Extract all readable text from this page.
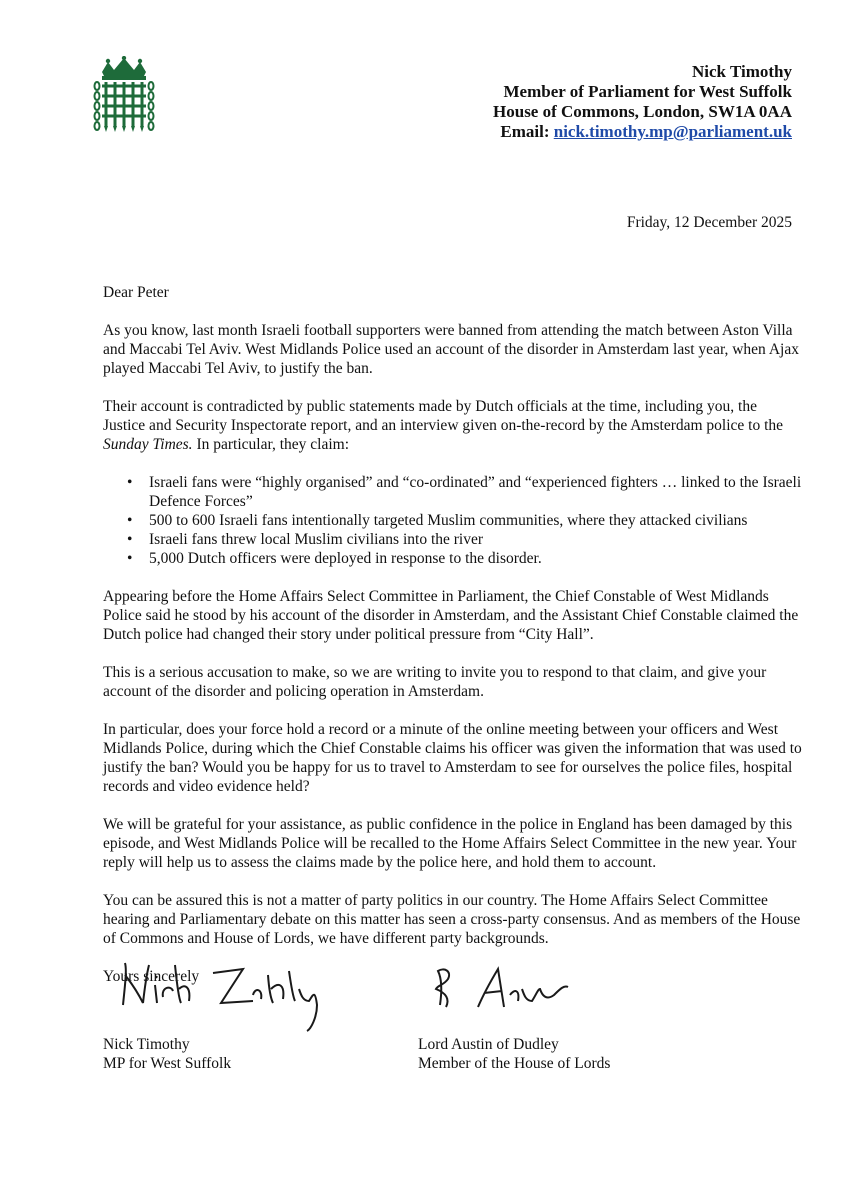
Nick Timothy
Member of Parliament for West Suffolk
House of Commons, London, SW1A 0AA
Email: nick.timothy.mp@parliament.uk
Friday, 12 December 2025

Dear Peter

As you know, last month Israeli football supporters were banned from attending the match between Aston Villa and Maccabi Tel Aviv. West Midlands Police used an account of the disorder in Amsterdam last year, when Ajax played Maccabi Tel Aviv, to justify the ban.

Their account is contradicted by public statements made by Dutch officials at the time, including you, the Justice and Security Inspectorate report, and an interview given on-the-record by the Amsterdam police to the Sunday Times. In particular, they claim:

• Israeli fans were “highly organised” and “co-ordinated” and “experienced fighters … linked to the Israeli Defence Forces”
• 500 to 600 Israeli fans intentionally targeted Muslim communities, where they attacked civilians
• Israeli fans threw local Muslim civilians into the river
• 5,000 Dutch officers were deployed in response to the disorder.

Appearing before the Home Affairs Select Committee in Parliament, the Chief Constable of West Midlands Police said he stood by his account of the disorder in Amsterdam, and the Assistant Chief Constable claimed the Dutch police had changed their story under political pressure from “City Hall”.

This is a serious accusation to make, so we are writing to invite you to respond to that claim, and give your account of the disorder and policing operation in Amsterdam.

In particular, does your force hold a record or a minute of the online meeting between your officers and West Midlands Police, during which the Chief Constable claims his officer was given the information that was used to justify the ban? Would you be happy for us to travel to Amsterdam to see for ourselves the police files, hospital records and video evidence held?

We will be grateful for your assistance, as public confidence in the police in England has been damaged by this episode, and West Midlands Police will be recalled to the Home Affairs Select Committee in the new year. Your reply will help us to assess the claims made by the police here, and hold them to account.

You can be assured this is not a matter of party politics in our country. The Home Affairs Select Committee hearing and Parliamentary debate on this matter has seen a cross-party consensus. And as members of the House of Commons and House of Lords, we have different party backgrounds.

Yours sincerely

Nick Timothy
MP for West Suffolk
Lord Austin of Dudley
Member of the House of Lords
